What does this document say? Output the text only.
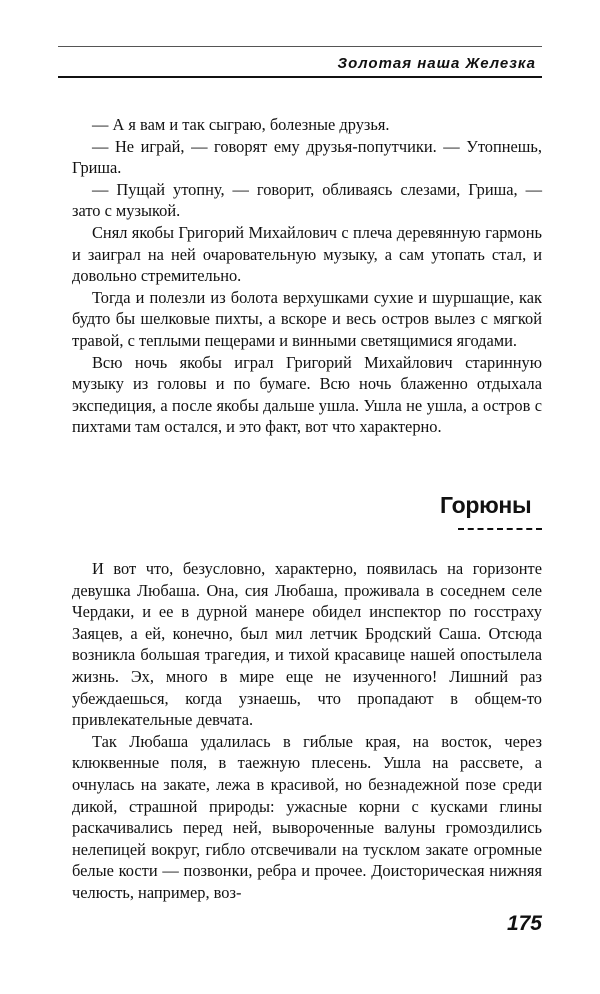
Золотая наша Железка

— А я вам и так сыграю, болезные друзья.

— Не играй, — говорят ему друзья-попутчики. — Утопнешь, Гриша.

— Пущай утопну, — говорит, обливаясь слезами, Гриша, — зато с музыкой.

Снял якобы Григорий Михайлович с плеча деревянную гармонь и заиграл на ней очаровательную музыку, а сам утопать стал, и довольно стремительно.

Тогда и полезли из болота верхушками сухие и шуршащие, как будто бы шелковые пихты, а вскоре и весь остров вылез с мягкой травой, с теплыми пещерами и винными светящимися ягодами.

Всю ночь якобы играл Григорий Михайлович старинную музыку из головы и по бумаге. Всю ночь блаженно отдыхала экспедиция, а после якобы дальше ушла. Ушла не ушла, а остров с пихтами там остался, и это факт, вот что характерно.

Горюны

И вот что, безусловно, характерно, появилась на горизонте девушка Любаша. Она, сия Любаша, проживала в соседнем селе Чердаки, и ее в дурной манере обидел инспектор по госстраху Заяцев, а ей, конечно, был мил летчик Бродский Саша. Отсюда возникла большая трагедия, и тихой красавице нашей опостылела жизнь. Эх, много в мире еще не изученного! Лишний раз убеждаешься, когда узнаешь, что пропадают в общем-то привлекательные девчата.

Так Любаша удалилась в гиблые края, на восток, через клюквенные поля, в таежную плесень. Ушла на рассвете, а очнулась на закате, лежа в красивой, но безнадежной позе среди дикой, страшной природы: ужасные корни с кусками глины раскачивались перед ней, вывороченные валуны громоздились нелепицей вокруг, гибло отсвечивали на тусклом закате огромные белые кости — позвонки, ребра и прочее. Доисторическая нижняя челюсть, например, воз-

175
